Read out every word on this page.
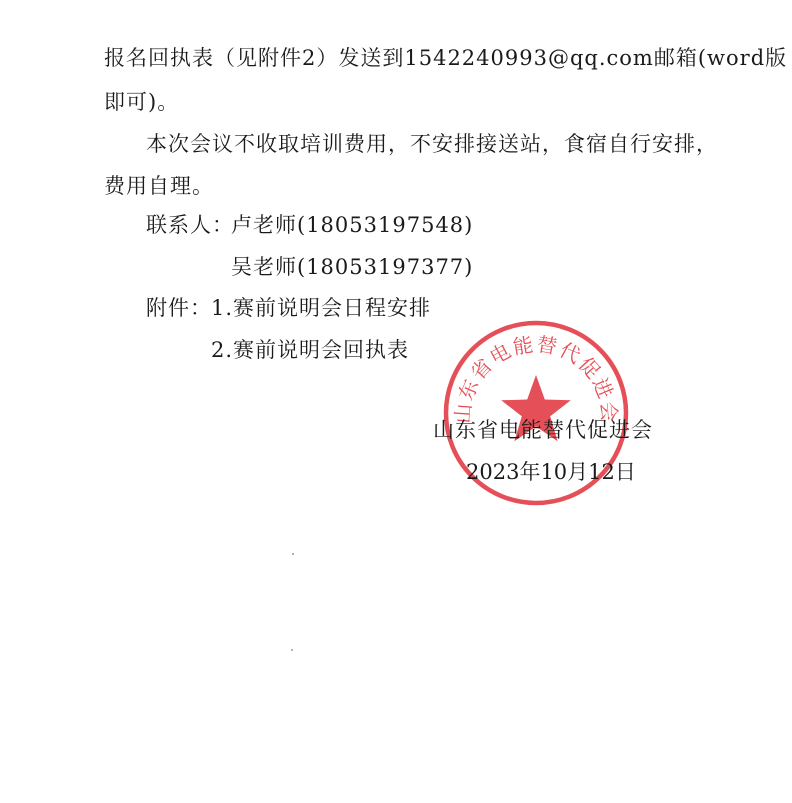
报名回执表（见附件2）发送到1542240993@qq.com邮箱(word版
即可)。
本次会议不收取培训费用，不安排接送站，食宿自行安排，
费用自理。
联系人：
卢老师(18053197548)
吴老师(18053197377)
附件： 1.赛前说明会日程安排
2.赛前说明会回执表
山东省电能替代促进会
山东省电能替代促进会
2023年10月12日
